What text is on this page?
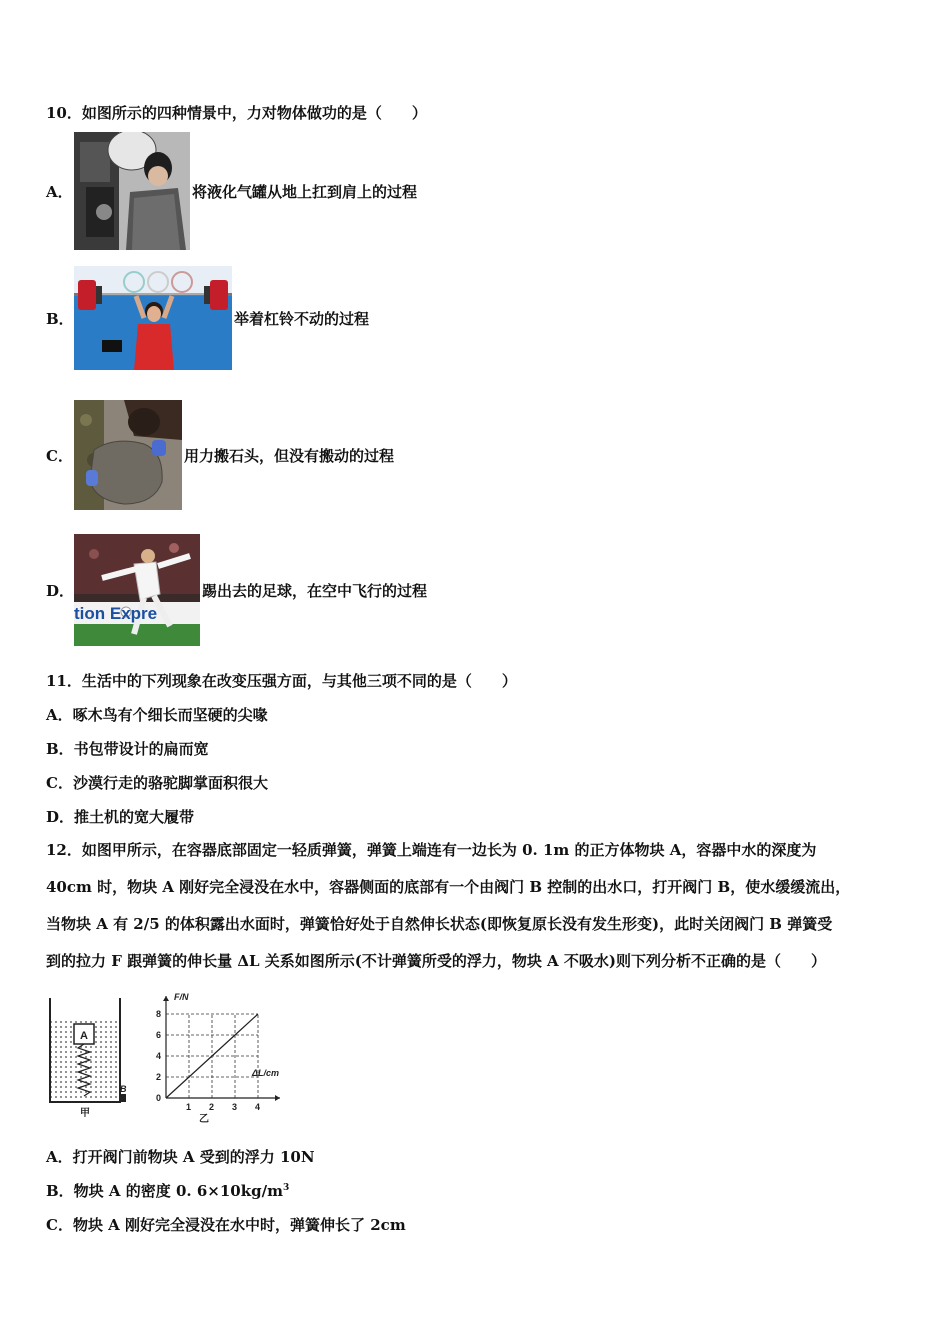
10．如图所示的四种情景中，力对物体做功的是（　　）
A．	将液化气罐从地上扛到肩上的过程
B．	举着杠铃不动的过程
C．	用力搬石头，但没有搬动的过程
D．
tion Expre
踢出去的足球，在空中飞行的过程
11．生活中的下列现象在改变压强方面，与其他三项不同的是（　　）
A．啄木鸟有个细长而坚硬的尖喙
B．书包带设计的扁而宽
C．沙漠行走的骆驼脚掌面积很大
D．推土机的宽大履带
12．如图甲所示，在容器底部固定一轻质弹簧，弹簧上端连有一边长为 0. 1m 的正方体物块 A，容器中水的深度为
40cm 时，物块 A 刚好完全浸没在水中，容器侧面的底部有一个由阀门 B 控制的出水口，打开阀门 B，使水缓缓流出，
当物块 A 有 2/5 的体积露出水面时，弹簧恰好处于自然伸长状态(即恢复原长没有发生形变)，此时关闭阀门 B 弹簧受
到的拉力 F 跟弹簧的伸长量 ΔL 关系如图所示(不计弹簧所受的浮力，物块 A 不吸水)则下列分析不正确的是（　　）
A
B
甲
1 2 3 4
0
2
4
6
8
F/N
ΔL/cm
乙
A．打开阀门前物块 A 受到的浮力 10N
B．物块 A 的密度 0. $6\times 10kg/m^3$
C．物块 A 刚好完全浸没在水中时，弹簧伸长了 2cm
